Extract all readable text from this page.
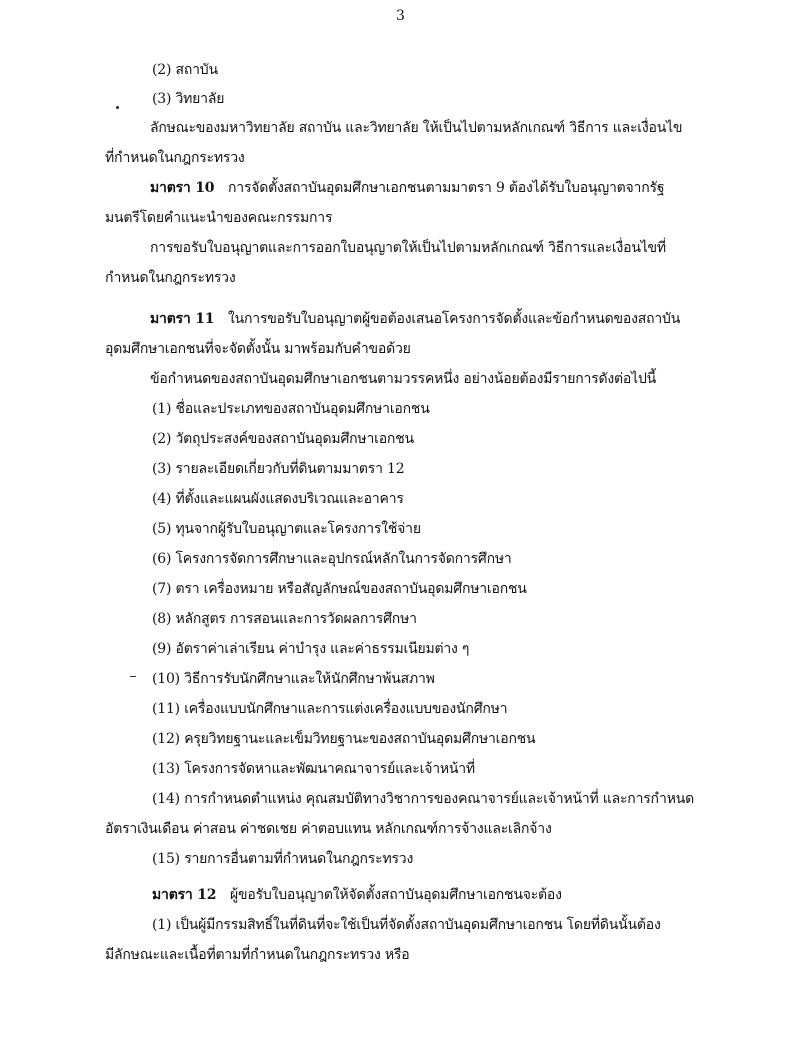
3
(2) สถาบัน
(3) วิทยาลัย
ลักษณะของมหาวิทยาลัย สถาบัน และวิทยาลัย ให้เป็นไปตามหลักเกณฑ์ วิธีการ และเงื่อนไข
ที่กำหนดในกฎกระทรวง
มาตรา 10 การจัดตั้งสถาบันอุดมศึกษาเอกชนตามมาตรา 9 ต้องได้รับใบอนุญาตจากรัฐ
มนตรีโดยคำแนะนำของคณะกรรมการ
การขอรับใบอนุญาตและการออกใบอนุญาตให้เป็นไปตามหลักเกณฑ์ วิธีการและเงื่อนไขที่
กำหนดในกฎกระทรวง
มาตรา 11 ในการขอรับใบอนุญาตผู้ขอต้องเสนอโครงการจัดตั้งและข้อกำหนดของสถาบัน
อุดมศึกษาเอกชนที่จะจัดตั้งนั้น มาพร้อมกับคำขอด้วย
ข้อกำหนดของสถาบันอุดมศึกษาเอกชนตามวรรคหนึ่ง อย่างน้อยต้องมีรายการดังต่อไปนี้
(1) ชื่อและประเภทของสถาบันอุดมศึกษาเอกชน
(2) วัตถุประสงค์ของสถาบันอุดมศึกษาเอกชน
(3) รายละเอียดเกี่ยวกับที่ดินตามมาตรา 12
(4) ที่ตั้งและแผนผังแสดงบริเวณและอาคาร
(5) ทุนจากผู้รับใบอนุญาตและโครงการใช้จ่าย
(6) โครงการจัดการศึกษาและอุปกรณ์หลักในการจัดการศึกษา
(7) ตรา เครื่องหมาย หรือสัญลักษณ์ของสถาบันอุดมศึกษาเอกชน
(8) หลักสูตร การสอนและการวัดผลการศึกษา
(9) อัตราค่าเล่าเรียน ค่าบำรุง และค่าธรรมเนียมต่าง ๆ
(10) วิธีการรับนักศึกษาและให้นักศึกษาพ้นสภาพ
(11) เครื่องแบบนักศึกษาและการแต่งเครื่องแบบของนักศึกษา
(12) ครุยวิทยฐานะและเข็มวิทยฐานะของสถาบันอุดมศึกษาเอกชน
(13) โครงการจัดหาและพัฒนาคณาจารย์และเจ้าหน้าที่
(14) การกำหนดตำแหน่ง คุณสมบัติทางวิชาการของคณาจารย์และเจ้าหน้าที่ และการกำหนด
อัตราเงินเดือน ค่าสอน ค่าชดเชย ค่าตอบแทน หลักเกณฑ์การจ้างและเลิกจ้าง
(15) รายการอื่นตามที่กำหนดในกฎกระทรวง
มาตรา 12 ผู้ขอรับใบอนุญาตให้จัดตั้งสถาบันอุดมศึกษาเอกชนจะต้อง
(1) เป็นผู้มีกรรมสิทธิ์ในที่ดินที่จะใช้เป็นที่จัดตั้งสถาบันอุดมศึกษาเอกชน โดยที่ดินนั้นต้อง
มีลักษณะและเนื้อที่ตามที่กำหนดในกฎกระทรวง หรือ
